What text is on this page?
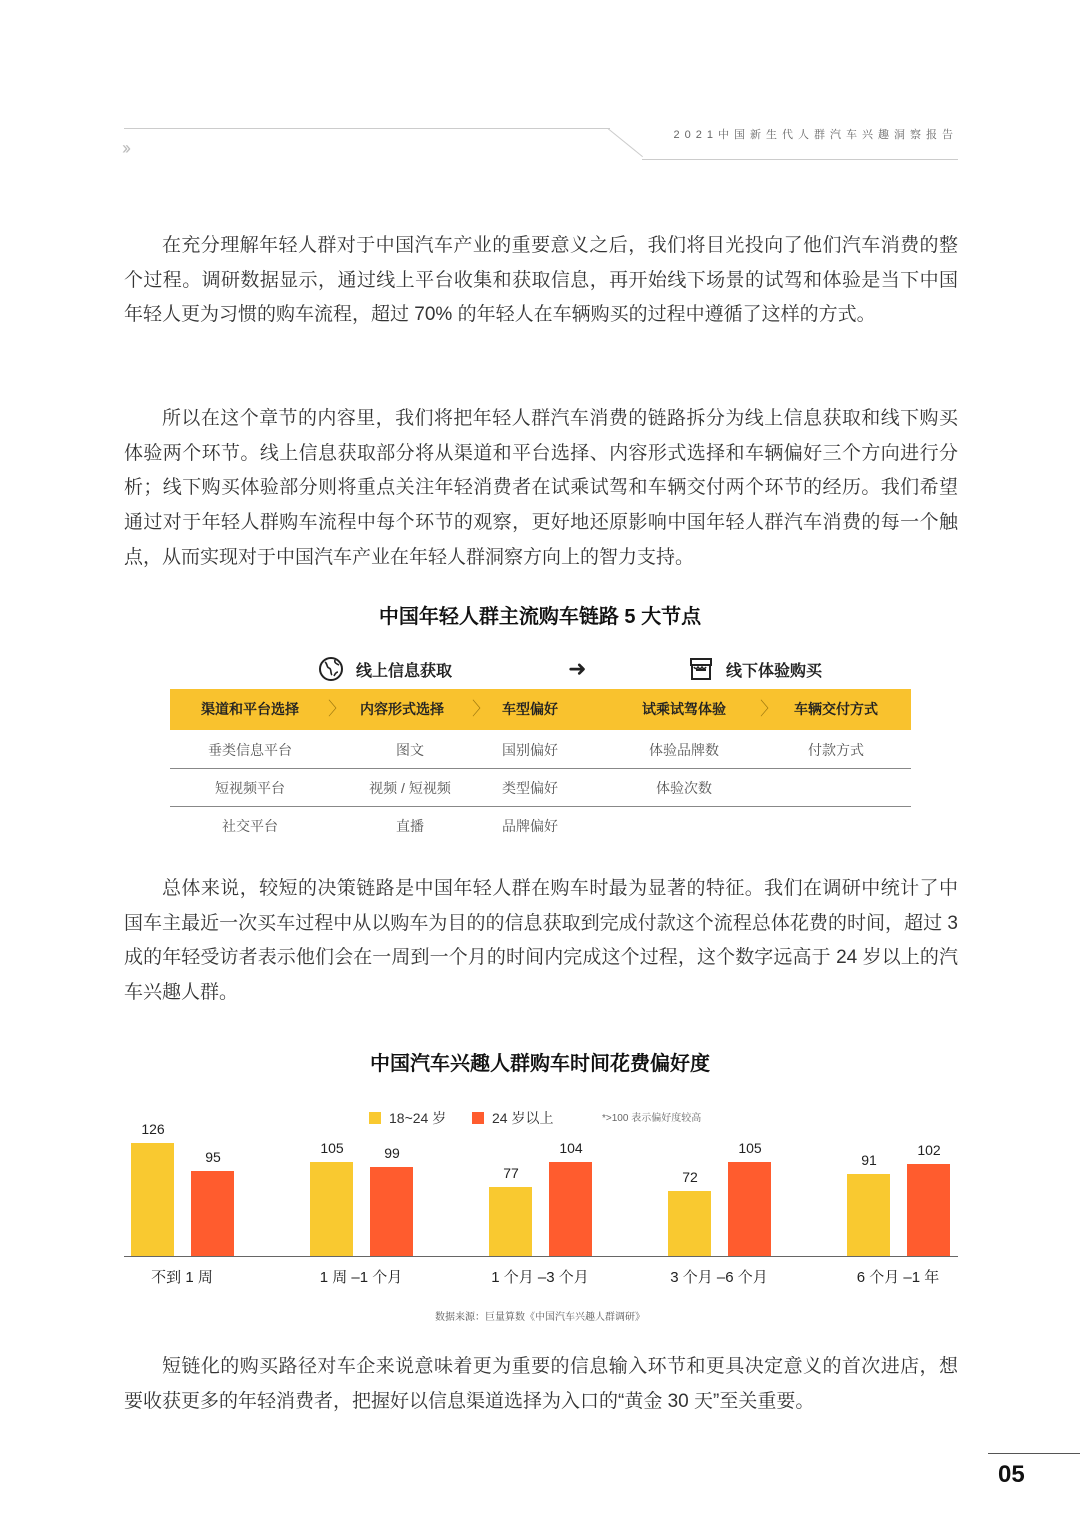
2021中国新生代人群汽车兴趣洞察报告
››

在充分理解年轻人群对于中国汽车产业的重要意义之后，我们将目光投向了他们汽车消费的整个过程。调研数据显示，通过线上平台收集和获取信息，再开始线下场景的试驾和体验是当下中国年轻人更为习惯的购车流程，超过 70% 的年轻人在车辆购买的过程中遵循了这样的方式。

所以在这个章节的内容里，我们将把年轻人群汽车消费的链路拆分为线上信息获取和线下购买体验两个环节。线上信息获取部分将从渠道和平台选择、内容形式选择和车辆偏好三个方向进行分析；线下购买体验部分则将重点关注年轻消费者在试乘试驾和车辆交付两个环节的经历。我们希望通过对于年轻人群购车流程中每个环节的观察，更好地还原影响中国年轻人群汽车消费的每一个触点，从而实现对于中国汽车产业在年轻人群洞察方向上的智力支持。

中国年轻人群主流购车链路 5 大节点
线上信息获取	➜	线下体验购买
渠道和平台选择	〉	内容形式选择	〉 车型偏好	试乘试驾体验	〉	车辆交付方式
垂类信息平台	图文	国别偏好	体验品牌数	付款方式
短视频平台	视频 / 短视频	类型偏好	体验次数
社交平台	直播	品牌偏好

总体来说，较短的决策链路是中国年轻人群在购车时最为显著的特征。我们在调研中统计了中国车主最近一次买车过程中从以购车为目的的信息获取到完成付款这个流程总体花费的时间，超过 3 成的年轻受访者表示他们会在一周到一个月的时间内完成这个过程，这个数字远高于 24 岁以上的汽车兴趣人群。

中国汽车兴趣人群购车时间花费偏好度
18~24 岁	24 岁以上	*>100 表示偏好度较高
126
95
不到 1 周
105	99
1 周 –1 个月
77
104
1 个月 –3 个月
72
105
3 个月 –6 个月
91
102
6 个月 –1 年
数据来源：巨量算数《中国汽车兴趣人群调研》

短链化的购买路径对车企来说意味着更为重要的信息输入环节和更具决定意义的首次进店，想要收获更多的年轻消费者，把握好以信息渠道选择为入口的“黄金 30 天”至关重要。

05
